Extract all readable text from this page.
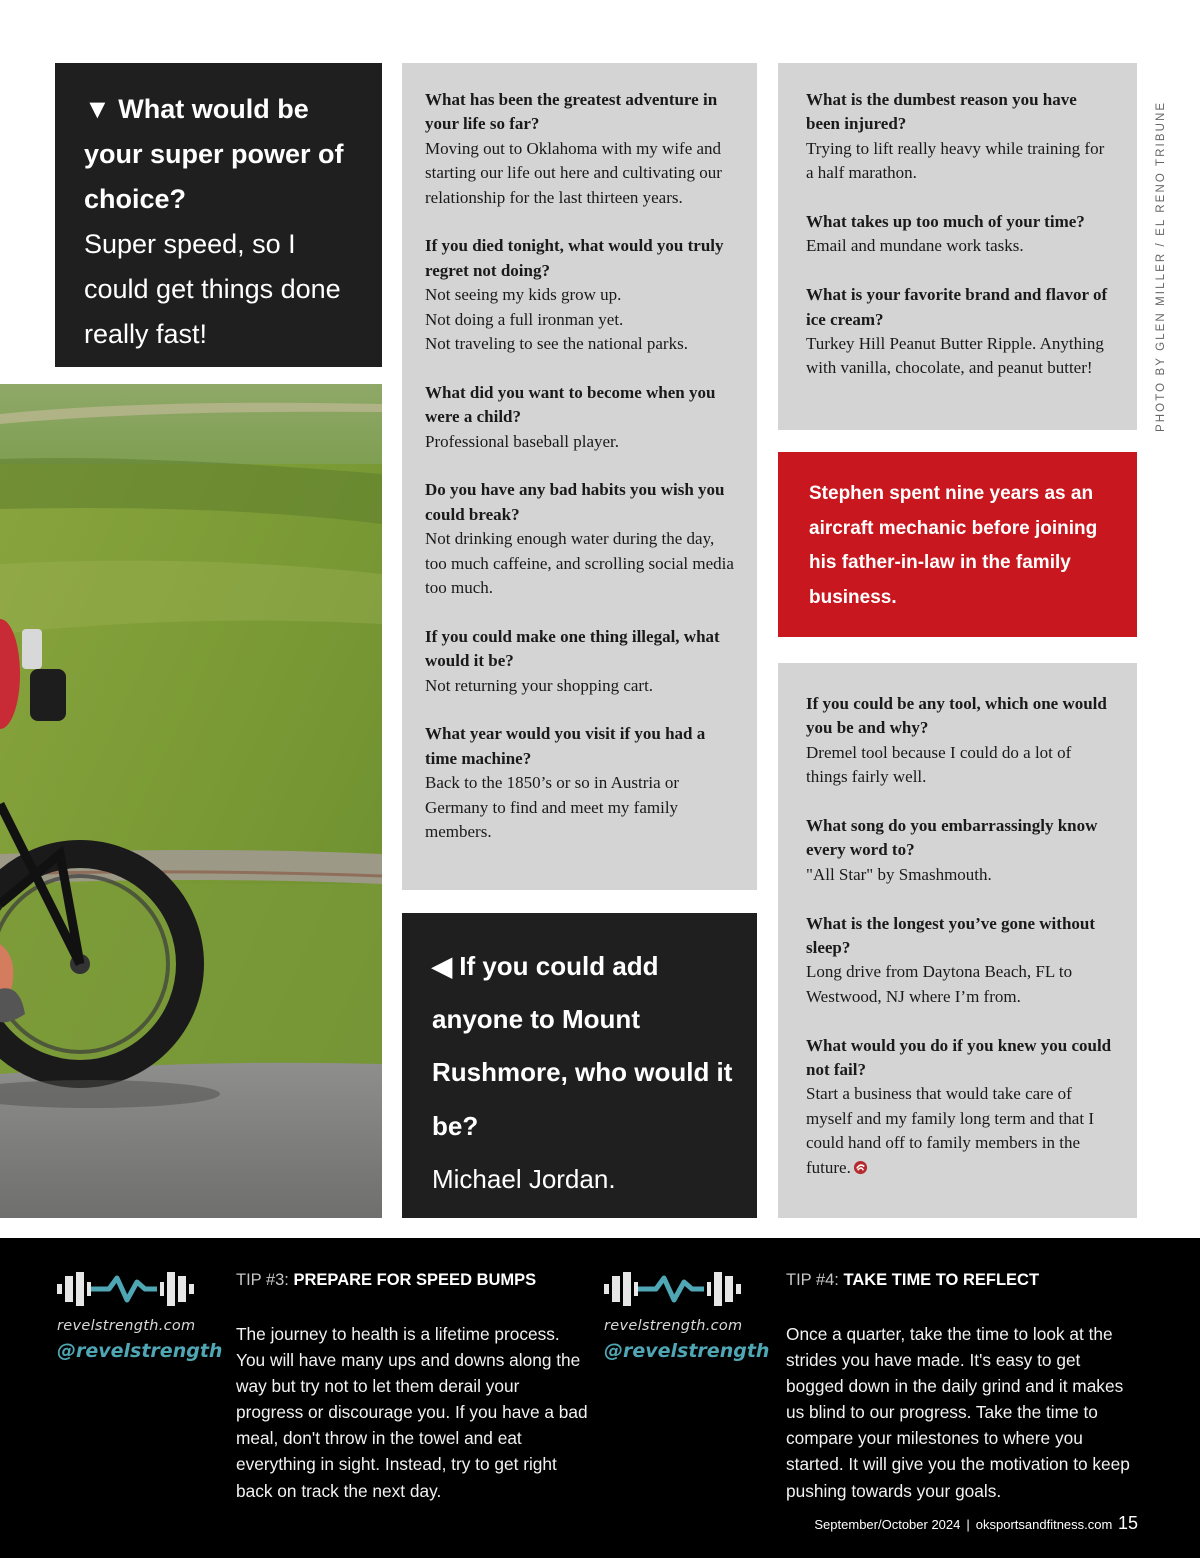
▼ What would be your super power of choice?
Super speed, so I could get things done really fast!
What has been the greatest adventure in your life so far?
Moving out to Oklahoma with my wife and starting our life out here and cultivating our relationship for the last thirteen years.
If you died tonight, what would you truly regret not doing?
Not seeing my kids grow up.
Not doing a full ironman yet.
Not traveling to see the national parks.
What did you want to become when you were a child?
Professional baseball player.
Do you have any bad habits you wish you could break?
Not drinking enough water during the day, too much caffeine, and scrolling social media too much.
If you could make one thing illegal, what would it be?
Not returning your shopping cart.
What year would you visit if you had a time machine?
Back to the 1850’s or so in Austria or Germany to find and meet my family members.
What is the dumbest reason you have been injured?
Trying to lift really heavy while training for a half marathon.
What takes up too much of your time?
Email and mundane work tasks.
What is your favorite brand and flavor of ice cream?
Turkey Hill Peanut Butter Ripple. Anything with vanilla, chocolate, and peanut butter!
Stephen spent nine years as an aircraft mechanic before joining his father-in-law in the family business.
If you could be any tool, which one would you be and why?
Dremel tool because I could do a lot of things fairly well.
What song do you embarrassingly know every word to?
"All Star" by Smashmouth.
What is the longest you’ve gone without sleep?
Long drive from Daytona Beach, FL to Westwood, NJ where I’m from.
What would you do if you knew you could not fail?
Start a business that would take care of myself and my family long term and that I could hand off to family members in the future.
◀ If you could add anyone to Mount Rushmore, who would it be?
Michael Jordan.
PHOTO BY GLEN MILLER / EL RENO TRIBUNE
revelstrength.com
@revelstrength
TIP #3: PREPARE FOR SPEED BUMPS
The journey to health is a lifetime process. You will have many ups and downs along the way but try not to let them derail your progress or discourage you. If you have a bad meal, don't throw in the towel and eat everything in sight. Instead, try to get right back on track the next day.
revelstrength.com
@revelstrength
TIP #4: TAKE TIME TO REFLECT
Once a quarter, take the time to look at the strides you have made. It's easy to get bogged down in the daily grind and it makes us blind to our progress. Take the time to compare your milestones to where you started. It will give you the motivation to keep pushing towards your goals.
September/October 2024 | oksportsandfitness.com 15
